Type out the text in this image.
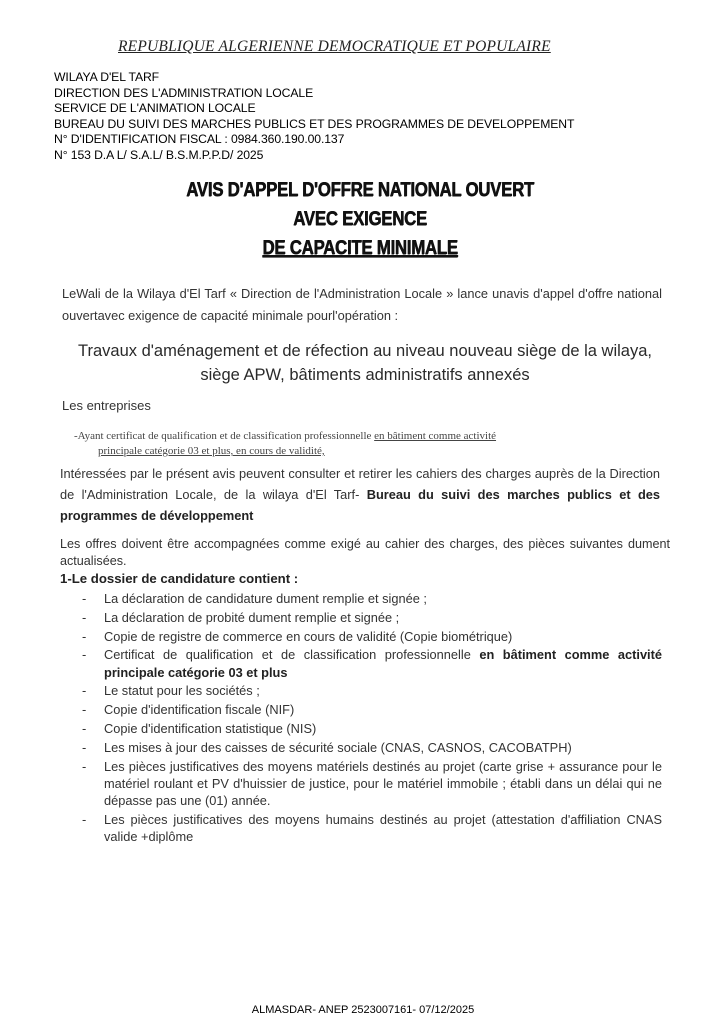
REPUBLIQUE ALGERIENNE DEMOCRATIQUE ET POPULAIRE
WILAYA D'EL TARF
DIRECTION DES L'ADMINISTRATION LOCALE
SERVICE DE L'ANIMATION LOCALE
BUREAU DU SUIVI DES MARCHES PUBLICS ET DES PROGRAMMES DE DEVELOPPEMENT
N° D'IDENTIFICATION FISCAL : 0984.360.190.00.137
N° 153 D.A L/ S.A.L/ B.S.M.P.P.D/ 2025
AVIS D'APPEL D'OFFRE NATIONAL OUVERT AVEC EXIGENCE
DE CAPACITE MINIMALE
LeWali de la Wilaya d'El Tarf « Direction de l'Administration Locale » lance unavis d'appel d'offre national ouvertavec exigence de capacité minimale pourl'opération :
Travaux d'aménagement et de réfection au niveau nouveau siège de la wilaya, siège APW, bâtiments administratifs annexés
Les entreprises
-Ayant certificat de qualification et de classification professionnelle en bâtiment comme activité
principale catégorie 03 et plus, en cours de validité,
Intéressées par le présent avis peuvent consulter et retirer les cahiers des charges auprès de la Direction de l'Administration Locale, de la wilaya d'El Tarf- Bureau du suivi des marches publics et des programmes de développement
Les offres doivent être accompagnées comme exigé au cahier des charges, des pièces suivantes dument actualisées.
1-Le dossier de candidature contient :
- La déclaration de candidature dument remplie et signée ;
- La déclaration de probité dument remplie et signée ;
- Copie de registre de commerce en cours de validité (Copie biométrique)
- Certificat de qualification et de classification professionnelle en bâtiment comme activité principale catégorie 03 et plus
- Le statut pour les sociétés ;
- Copie d'identification fiscale (NIF)
- Copie d'identification statistique (NIS)
- Les mises à jour des caisses de sécurité sociale (CNAS, CASNOS, CACOBATPH)
- Les pièces justificatives des moyens matériels destinés au projet (carte grise + assurance pour le matériel roulant et PV d'huissier de justice, pour le matériel immobile ; établi dans un délai qui ne dépasse pas une (01) année.
- Les pièces justificatives des moyens humains destinés au projet (attestation d'affiliation CNAS valide +diplôme
ALMASDAR- ANEP 2523007161- 07/12/2025
